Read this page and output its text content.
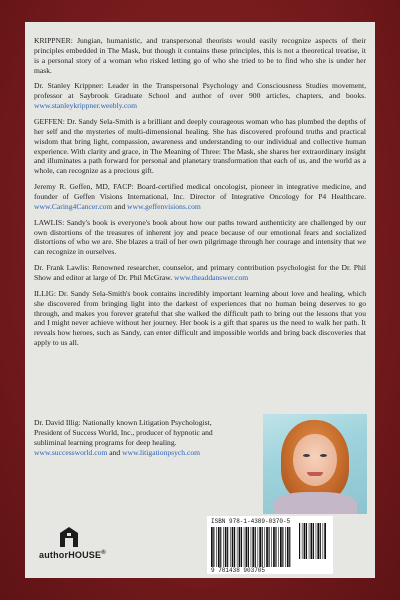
KRIPPNER: Jungian, humanistic, and transpersonal theorists would easily recognize aspects of their principles embedded in The Mask, but though it contains these principles, this is not a theoretical treatise, it is a personal story of a woman who risked letting go of who she tried to be to find who she is under her mask.

Dr. Stanley Krippner: Leader in the Transpersonal Psychology and Consciousness Studies movement, professor at Saybrook Graduate School and author of over 900 articles, chapters, and books. www.stanleykrippner.weebly.com

GEFFEN: Dr. Sandy Sela-Smith is a brilliant and deeply courageous woman who has plumbed the depths of her self and the mysteries of multi-dimensional healing. She has discovered profound truths and practical wisdom that bring light, compassion, awareness and understanding to our individual and collective human experience. With clarity and grace, in The Meaning of Three: The Mask, she shares her extraordinary insight and illuminates a path forward for personal and planetary transformation that each of us, and the world as a whole, can recognize as a precious gift.

Jeremy R. Geffen, MD, FACP: Board-certified medical oncologist, pioneer in integrative medicine, and founder of Geffen Visions International, Inc. Director of Integrative Oncology for P4 Healthcare. www.Caring4Cancer.com and www.geffenvisions.com

LAWLIS: Sandy's book is everyone's book about how our paths toward authenticity are challenged by our own distortions of the treasures of inherent joy and peace because of our emotional fears and socialized distortions of who we are. She blazes a trail of her own pilgrimage through her courage and intensity that we can recognize in ourselves.

Dr. Frank Lawlis: Renowned researcher, counselor, and primary contribution psychologist for the Dr. Phil Show and editor at large of Dr. Phil McGraw. www.theaddanswer.com

ILLIG: Dr. Sandy Sela-Smith's book contains incredibly important learning about love and healing, which she discovered from bringing light into the darkest of experiences that no human being deserves to go through, and makes you forever grateful that she walked the difficult path to bring out the lessons that you and I might never achieve without her journey. Her book is a gift that spares us the need to walk her path. It reveals how heroes, such as Sandy, can enter difficult and impossible worlds and bring back discoveries that apply to us all.

Dr. David Illig: Nationally known Litigation Psychologist, President of Success World, Inc., producer of hypnotic and subliminal learning programs for deep healing.
www.successworld.com and www.litigationpsych.com
authorHOUSE®
ISBN 978-1-4389-0370-5
9 781438 903705
